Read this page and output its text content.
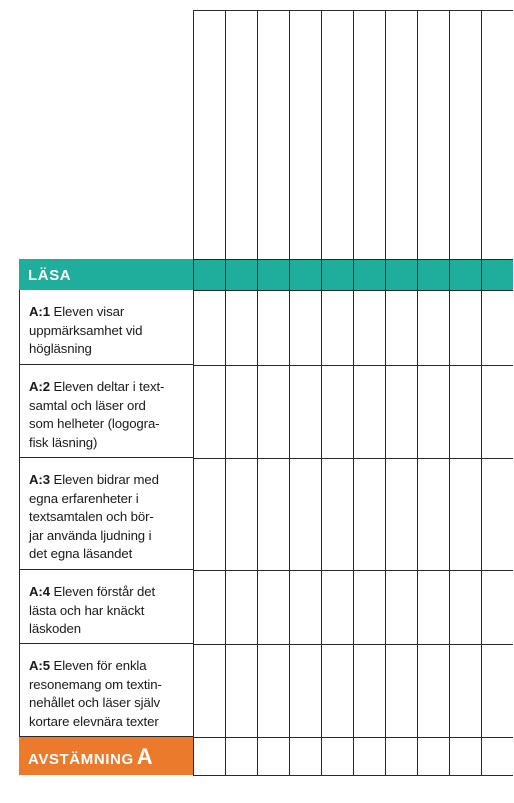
LÄSA
A:1 Eleven visar
uppmärksamhet vid
högläsning
A:2 Eleven deltar i text-
samtal och läser ord
som helheter (logogra-
fisk läsning)
A:3 Eleven bidrar med
egna erfarenheter i
textsamtalen och bör-
jar använda ljudning i
det egna läsandet
A:4 Eleven förstår det
lästa och har knäckt
läskoden
A:5 Eleven för enkla
resonemang om textin-
nehållet och läser själv
kortare elevnära texter
AVSTÄMNING A
